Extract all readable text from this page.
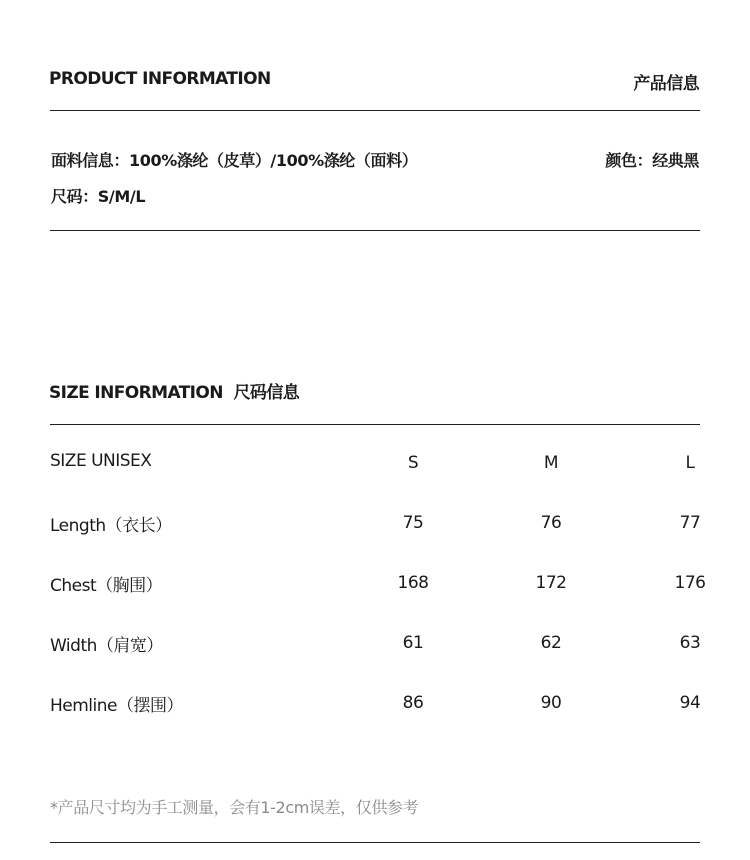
PRODUCT INFORMATION	产品信息
面料信息：100%涤纶（皮草）/100%涤纶（面料）	颜色：经典黑
尺码：S/M/L
SIZE INFORMATION 尺码信息
SIZE UNISEX	S	M	L
Length（衣长）	75	76	77
Chest（胸围）	168	172	176
Width（肩宽）	61	62	63
Hemline（摆围）	86	90	94
*产品尺寸均为手工测量，会有1-2cm误差，仅供参考
